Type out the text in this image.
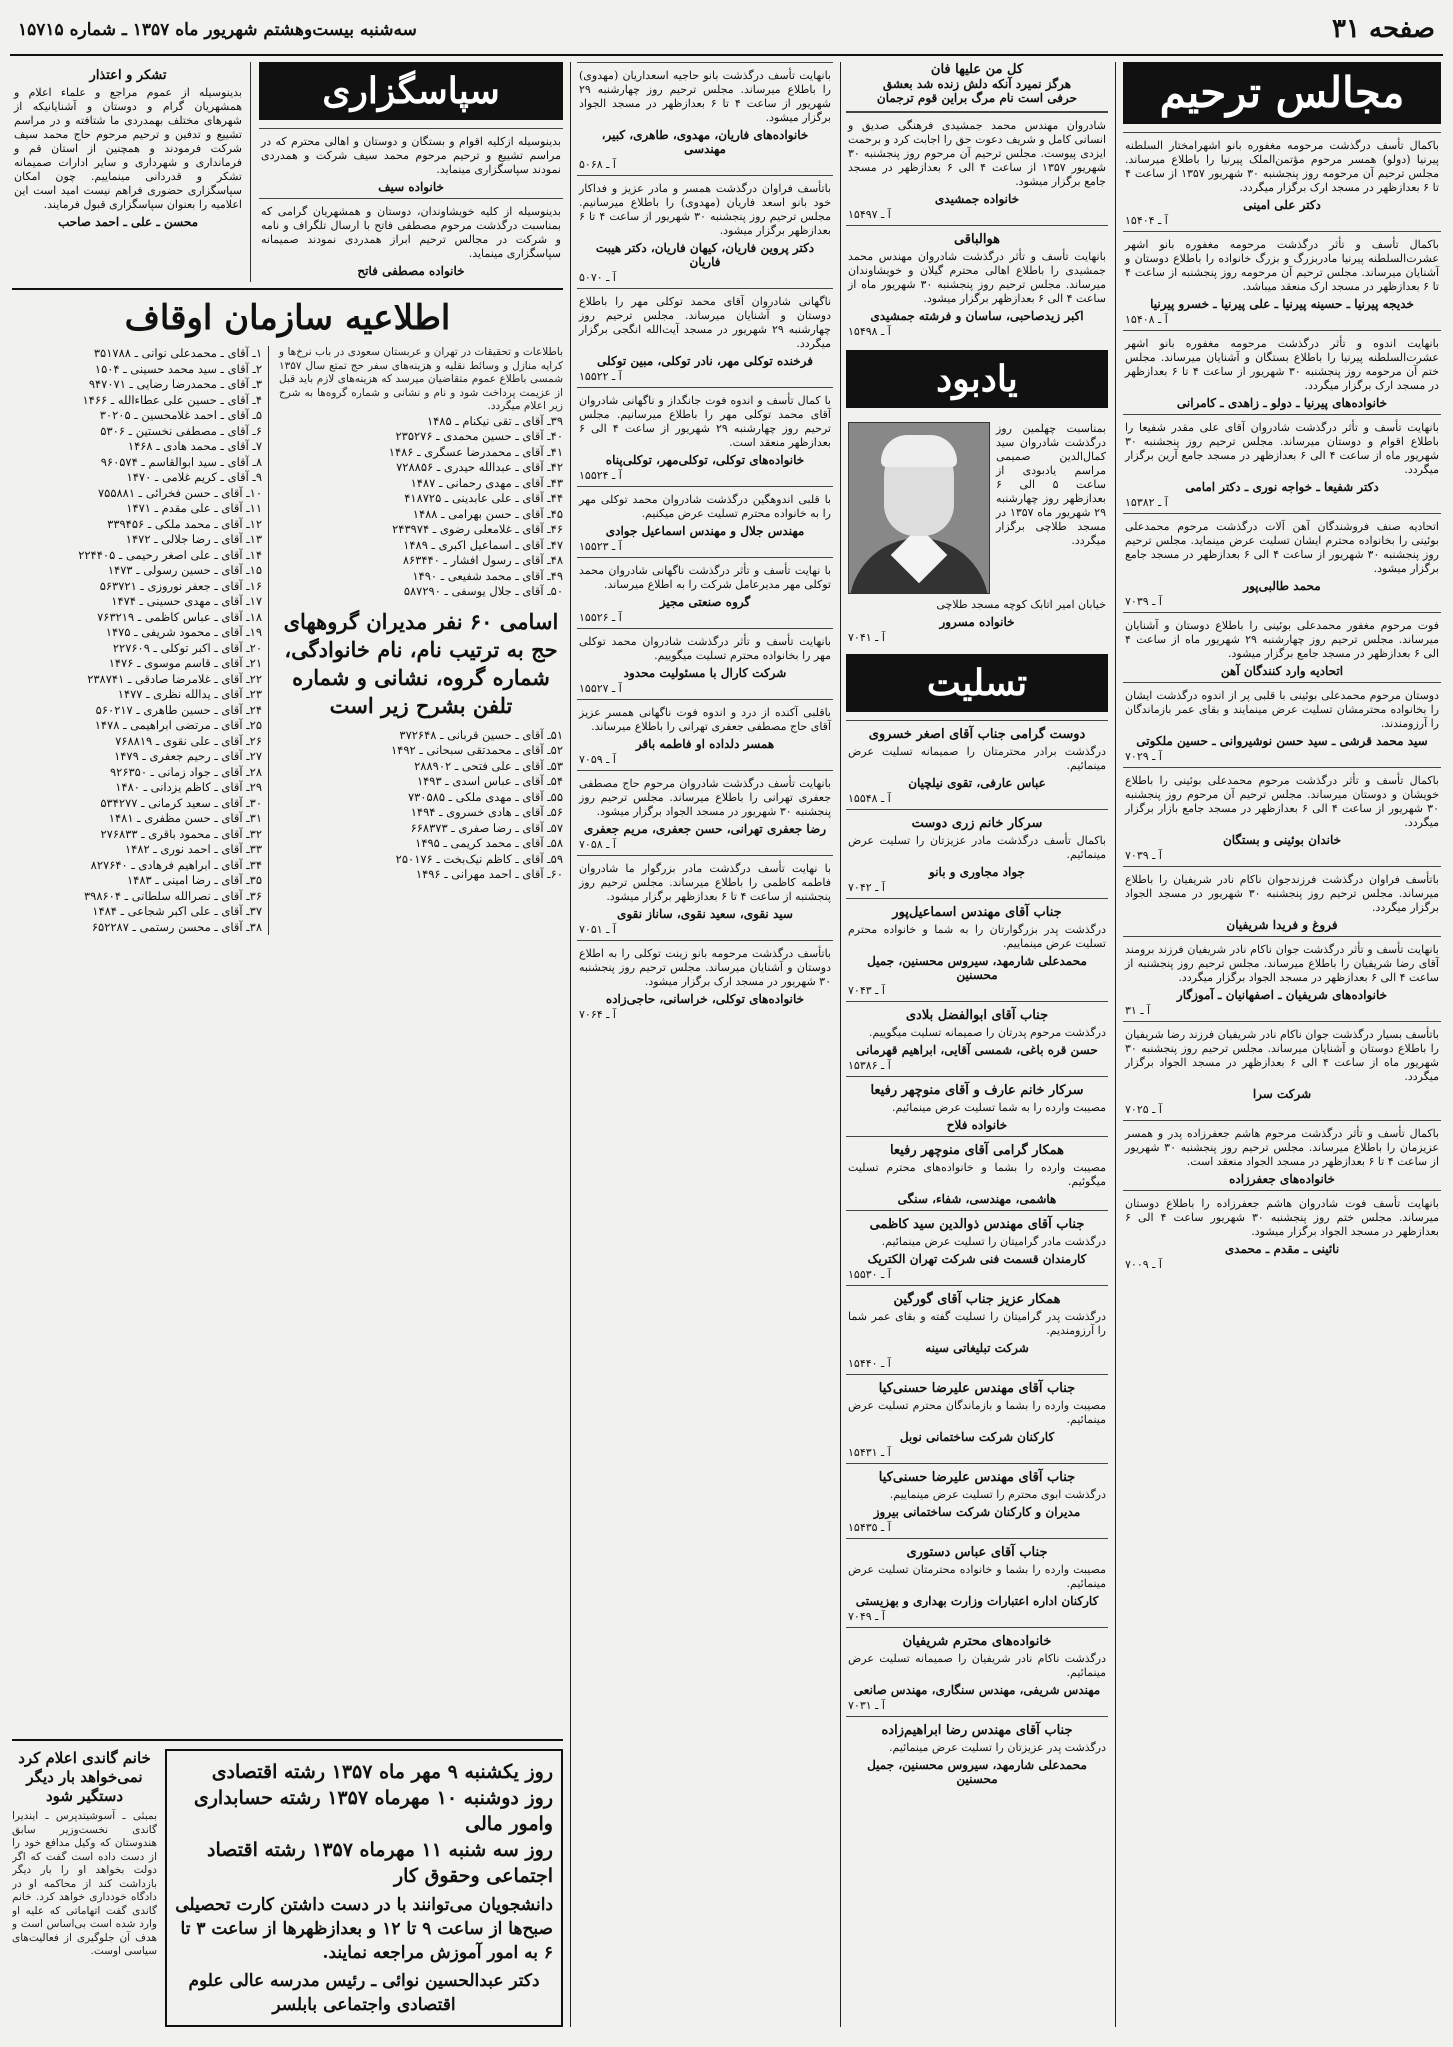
صفحه ۳۱
سه‌شنبه بیست‌وهشتم شهریور ماه ۱۳۵۷ ـ شماره ۱۵۷۱۵
مجالس ترحیم
باکمال تأسف درگذشت مرحومه مغفوره بانو اشهرامختار السلطنه پیرنیا (دولو) همسر مرحوم مؤتمن‌الملک پیرنیا را باطلاع میرساند. مجلس ترحیم آن مرحومه روز پنجشنبه ۳۰ شهریور ۱۳۵۷ از ساعت ۴ تا ۶ بعدازظهر در مسجد ارک برگزار میگردد.
دکتر علی امینی
آ ـ ۱۵۴۰۴
باکمال تأسف و تأثر درگذشت مرحومه مغفوره بانو اشهر عشرت‌السلطنه پیرنیا مادربزرگ و بزرگ خانواده را باطلاع دوستان و آشنایان میرساند. مجلس ترحیم آن مرحومه روز پنجشنبه از ساعت ۴ تا ۶ بعدازظهر در مسجد ارک منعقد میباشد.
خدیجه پیرنیا ـ حسینه پیرنیا ـ علی پیرنیا ـ خسرو پیرنیا
آ ـ ۱۵۴۰۸
بانهایت اندوه و تأثر درگذشت مرحومه مغفوره بانو اشهر عشرت‌السلطنه پیرنیا را باطلاع بستگان و آشنایان میرساند. مجلس ختم آن مرحومه روز پنجشنبه ۳۰ شهریور از ساعت ۴ تا ۶ بعدازظهر در مسجد ارک برگزار میگردد.
خانواده‌های پیرنیا ـ دولو ـ زاهدی ـ کامرانی
بانهایت تأسف و تأثر درگذشت شادروان آقای علی مقدر شفیعا را باطلاع اقوام و دوستان میرساند. مجلس ترحیم روز پنجشنبه ۳۰ شهریور ماه از ساعت ۴ الی ۶ بعدازظهر در مسجد جامع آرین برگزار میگردد.
دکتر شفیعا ـ خواجه نوری ـ دکتر امامی
آ ـ ۱۵۳۸۲
اتحادیه صنف فروشندگان آهن آلات درگذشت مرحوم محمدعلی بوئینی را بخانواده محترم ایشان تسلیت عرض مینماید. مجلس ترحیم روز پنجشنبه ۳۰ شهریور از ساعت ۴ الی ۶ بعدازظهر در مسجد جامع برگزار میشود.
محمد طالبی‌پور
آ ـ ۷۰۳۹
فوت مرحوم مغفور محمدعلی بوئینی را باطلاع دوستان و آشنایان میرساند. مجلس ترحیم روز چهارشنبه ۲۹ شهریور ماه از ساعت ۴ الی ۶ بعدازظهر در مسجد جامع برگزار میشود.
اتحادیه وارد کنندگان آهن
دوستان مرحوم محمدعلی بوئینی با قلبی پر از اندوه درگذشت ایشان را بخانواده محترمشان تسلیت عرض مینمایند و بقای عمر بازماندگان را آرزومندند.
سید محمد قرشی ـ سید حسن نوشیروانی ـ حسین ملکوتی
آ ـ ۷۰۲۹
باکمال تأسف و تأثر درگذشت مرحوم محمدعلی بوئینی را باطلاع خویشان و دوستان میرساند. مجلس ترحیم آن مرحوم روز پنجشنبه ۳۰ شهریور از ساعت ۴ الی ۶ بعدازظهر در مسجد جامع بازار برگزار میگردد.
خاندان بوئینی و بستگان
آ ـ ۷۰۳۹
باتأسف فراوان درگذشت فرزندجوان ناکام نادر شریفیان را باطلاع میرساند. مجلس ترحیم روز پنجشنبه ۳۰ شهریور در مسجد الجواد برگزار میگردد.
فروغ و فریدا شریفیان
بانهایت تأسف و تأثر درگذشت جوان ناکام نادر شریفیان فرزند برومند آقای رضا شریفیان را باطلاع میرساند. مجلس ترحیم روز پنجشنبه از ساعت ۴ الی ۶ بعدازظهر در مسجد الجواد برگزار میگردد.
خانواده‌های شریفیان ـ اصفهانیان ـ آموزگار
آ ـ ۳۱
باتأسف بسیار درگذشت جوان ناکام نادر شریفیان فرزند رضا شریفیان را باطلاع دوستان و آشنایان میرساند. مجلس ترحیم روز پنجشنبه ۳۰ شهریور ماه از ساعت ۴ الی ۶ بعدازظهر در مسجد الجواد برگزار میگردد.
شرکت سرا
آ ـ ۷۰۲۵
باکمال تأسف و تأثر درگذشت مرحوم هاشم جعفرزاده پدر و همسر عزیزمان را باطلاع میرساند. مجلس ترحیم روز پنجشنبه ۳۰ شهریور از ساعت ۴ تا ۶ بعدازظهر در مسجد الجواد منعقد است.
خانواده‌های جعفرزاده
بانهایت تأسف فوت شادروان هاشم جعفرزاده را باطلاع دوستان میرساند. مجلس ختم روز پنجشنبه ۳۰ شهریور ساعت ۴ الی ۶ بعدازظهر در مسجد الجواد برگزار میشود.
نائینی ـ مقدم ـ محمدی
آ ـ ۷۰۰۹
کل من علیها فان
هرگز نمیرد آنکه دلش زنده شد بعشق
حرفی است نام مرگ براین قوم ترجمان
شادروان مهندس محمد جمشیدی فرهنگی صدیق و انسانی کامل و شریف دعوت حق را اجابت کرد و برحمت ایزدی پیوست. مجلس ترحیم آن مرحوم روز پنجشنبه ۳۰ شهریور ۱۳۵۷ از ساعت ۴ الی ۶ بعدازظهر در مسجد جامع برگزار میشود.
خانواده جمشیدی
آ ـ ۱۵۴۹۷
هوالباقی
بانهایت تأسف و تأثر درگذشت شادروان مهندس محمد جمشیدی را باطلاع اهالی محترم گیلان و خویشاوندان میرساند. مجلس ترحیم روز پنجشنبه ۳۰ شهریور ماه از ساعت ۴ الی ۶ بعدازظهر برگزار میشود.
اکبر زیدصاحبی، ساسان و فرشته جمشیدی
آ ـ ۱۵۴۹۸
یادبود
بمناسبت چهلمین روز درگذشت شادروان سید کمال‌الدین صمیمی مراسم یادبودی از ساعت ۵ الی ۶ بعدازظهر روز چهارشنبه ۲۹ شهریور ماه ۱۳۵۷ در مسجد طلاچی برگزار میگردد.
خیابان امیر اتابک کوچه مسجد طلاچی
خانواده مسرور
آ ـ ۷۰۴۱
تسلیت
دوست گرامی جناب آقای اصغر خسروی
درگذشت برادر محترمتان را صمیمانه تسلیت عرض مینمائیم.
عباس عارفی، تقوی نیلچیان
آ ـ ۱۵۵۴۸
سرکار خانم زری دوست
باکمال تأسف درگذشت مادر عزیزتان را تسلیت عرض مینمائیم.
جواد مجاوری و بانو
آ ـ ۷۰۴۲
جناب آقای مهندس اسماعیل‌پور
درگذشت پدر بزرگوارتان را به شما و خانواده محترم تسلیت عرض مینماییم.
محمدعلی شارمهد، سیروس محسنین، جمیل محسنین
آ ـ ۷۰۴۳
جناب آقای ابوالفضل بلادی
درگذشت مرحوم پدرتان را صمیمانه تسلیت میگوییم.
حسن قره باغی، شمسی آقایی، ابراهیم قهرمانی
آ ـ ۱۵۳۸۶
سرکار خانم عارف و آقای منوچهر رفیعا
مصیبت وارده را به شما تسلیت عرض مینمائیم.
خانواده فلاح
همکار گرامی آقای منوچهر رفیعا
مصیبت وارده را بشما و خانواده‌های محترم تسلیت میگوئیم.
هاشمی، مهندسی، شفاء، سنگی
جناب آقای مهندس ذوالدین سید کاظمی
درگذشت مادر گرامیتان را تسلیت عرض مینمائیم.
کارمندان قسمت فنی شرکت تهران الکتریک
آ ـ ۱۵۵۳۰
همکار عزیز جناب آقای گورگین
درگذشت پدر گرامیتان را تسلیت گفته و بقای عمر شما را آرزومندیم.
شرکت تبلیغاتی سینه
آ ـ ۱۵۴۴۰
جناب آقای مهندس علیرضا حسنی‌کیا
مصیبت وارده را بشما و بازماندگان محترم تسلیت عرض مینمائیم.
کارکنان شرکت ساختمانی نوبل
آ ـ ۱۵۴۳۱
جناب آقای مهندس علیرضا حسنی‌کیا
درگذشت ابوی محترم را تسلیت عرض مینماییم.
مدیران و کارکنان شرکت ساختمانی بیروز
آ ـ ۱۵۴۳۵
جناب آقای عباس دستوری
مصیبت وارده را بشما و خانواده محترمتان تسلیت عرض مینمائیم.
کارکنان اداره اعتبارات وزارت بهداری و بهزیستی
آ ـ ۷۰۴۹
خانواده‌های محترم شریفیان
درگذشت ناکام نادر شریفیان را صمیمانه تسلیت عرض مینمائیم.
مهندس شریفی، مهندس سنگاری، مهندس صانعی
آ ـ ۷۰۳۱
جناب آقای مهندس رضا ابراهیم‌زاده
درگذشت پدر عزیزتان را تسلیت عرض مینمائیم.
محمدعلی شارمهد، سیروس محسنین، جمیل محسنین
بانهایت تأسف درگذشت بانو حاجیه اسعداریان (مهدوی) را باطلاع میرساند. مجلس ترحیم روز چهارشنبه ۲۹ شهریور از ساعت ۴ تا ۶ بعدازظهر در مسجد الجواد برگزار میشود.
خانواده‌های فاریان، مهدوی، طاهری، کبیر، مهندسی
آ ـ ۵۰۶۸
باتأسف فراوان درگذشت همسر و مادر عزیز و فداکار خود بانو اسعد فاریان (مهدوی) را باطلاع میرسانیم. مجلس ترحیم روز پنجشنبه ۳۰ شهریور از ساعت ۴ تا ۶ بعدازظهر برگزار میشود.
دکتر پروین فاریان، کیهان فاریان، دکتر هیبت فاریان
آ ـ ۵۰۷۰
ناگهانی شادروان آقای محمد توکلی مهر را باطلاع دوستان و آشنایان میرساند. مجلس ترحیم روز چهارشنبه ۲۹ شهریور در مسجد آیت‌الله انگجی برگزار میگردد.
فرخنده توکلی مهر، نادر توکلی، مبین توکلی
آ ـ ۱۵۵۲۲
با کمال تأسف و اندوه فوت جانگداز و ناگهانی شادروان آقای محمد توکلی مهر را باطلاع میرسانیم. مجلس ترحیم روز چهارشنبه ۲۹ شهریور از ساعت ۴ الی ۶ بعدازظهر منعقد است.
خانواده‌های توکلی، توکلی‌مهر، توکلی‌پناه
آ ـ ۱۵۵۲۴
با قلبی اندوهگین درگذشت شادروان محمد توکلی مهر را به خانواده محترم تسلیت عرض میکنیم.
مهندس جلال و مهندس اسماعیل جوادی
آ ـ ۱۵۵۲۳
با نهایت تأسف و تأثر درگذشت ناگهانی شادروان محمد توکلی مهر مدیرعامل شرکت را به اطلاع میرساند.
گروه صنعتی مجیز
آ ـ ۱۵۵۲۶
بانهایت تأسف و تأثر درگذشت شادروان محمد توکلی مهر را بخانواده محترم تسلیت میگوییم.
شرکت کارال با مسئولیت محدود
آ ـ ۱۵۵۲۷
باقلبی آکنده از درد و اندوه فوت ناگهانی همسر عزیز آقای حاج مصطفی جعفری تهرانی را باطلاع میرساند.
همسر دلداده او فاطمه باقر
آ ـ ۷۰۵۹
بانهایت تأسف درگذشت شادروان مرحوم حاج مصطفی جعفری تهرانی را باطلاع میرساند. مجلس ترحیم روز پنجشنبه ۳۰ شهریور در مسجد الجواد برگزار میشود.
رضا جعفری تهرانی، حسن جعفری، مریم جعفری
آ ـ ۷۰۵۸
با نهایت تأسف درگذشت مادر بزرگوار ما شادروان فاطمه کاظمی را باطلاع میرساند. مجلس ترحیم روز پنجشنبه از ساعت ۴ تا ۶ بعدازظهر برگزار میشود.
سید نقوی، سعید نقوی، ساناز نقوی
آ ـ ۷۰۵۱
باتأسف درگذشت مرحومه بانو زینت توکلی را به اطلاع دوستان و آشنایان میرساند. مجلس ترحیم روز پنجشنبه ۳۰ شهریور در مسجد ارک برگزار میشود.
خانواده‌های توکلی، خراسانی، حاجی‌زاده
آ ـ ۷۰۶۴
سپاسگزاری
بدینوسیله ازکلیه اقوام و بستگان و دوستان و اهالی محترم که در مراسم تشییع و ترحیم مرحوم محمد سیف شرکت و همدردی نمودند سپاسگزاری مینماید.
خانواده سیف
بدینوسیله از کلیه خویشاوندان، دوستان و همشهریان گرامی که بمناسبت درگذشت مرحوم مصطفی فاتح با ارسال تلگراف و نامه و شرکت در مجالس ترحیم ابراز همدردی نمودند صمیمانه سپاسگزاری مینماید.
خانواده مصطفی فاتح
تشکر و اعتذار
بدینوسیله از عموم مراجع و علماء اعلام و همشهریان گرام و دوستان و آشنایانیکه از شهرهای مختلف بهمدردی ما شتافته و در مراسم تشییع و تدفین و ترحیم مرحوم حاج محمد سیف شرکت فرمودند و همچنین از استان قم و فرمانداری و شهرداری و سایر ادارات صمیمانه تشکر و قدردانی مینماییم. چون امکان سپاسگزاری حضوری فراهم نیست امید است این اعلامیه را بعنوان سپاسگزاری قبول فرمایند.
محسن ـ علی ـ احمد صاحب
اطلاعیه سازمان اوقاف
باطلاعات و تحقیقات در تهران و عربستان سعودی در باب نرخ‌ها و کرایه منازل و وسائط نقلیه و هزینه‌های سفر حج تمتع سال ۱۳۵۷ شمسی باطلاع عموم متقاضیان میرسد که هزینه‌های لازم باید قبل از عزیمت پرداخت شود و نام و نشانی و شماره گروه‌ها به شرح زیر اعلام میگردد.
۳۹ـ آقای ـ تقی نیکنام ـ ۱۴۸۵
۴۰ـ آقای ـ حسین محمدی ـ ۲۳۵۲۷۶
۴۱ـ آقای ـ محمدرضا عسگری ـ ۱۴۸۶
۴۲ـ آقای ـ عبدالله حیدری ـ ۷۲۸۸۵۶
۴۳ـ آقای ـ مهدی رحمانی ـ ۱۴۸۷
۴۴ـ آقای ـ علی عابدینی ـ ۴۱۸۷۲۵
۴۵ـ آقای ـ حسن بهرامی ـ ۱۴۸۸
۴۶ـ آقای ـ غلامعلی رضوی ـ ۲۴۳۹۷۴
۴۷ـ آقای ـ اسماعیل اکبری ـ ۱۴۸۹
۴۸ـ آقای ـ رسول افشار ـ ۸۶۳۴۴۰
۴۹ـ آقای ـ محمد شفیعی ـ ۱۴۹۰
۵۰ـ آقای ـ جلال یوسفی ـ ۵۸۷۲۹۰
اسامی ۶۰ نفر مدیران گروههای حج به ترتیب نام، نام خانوادگی، شماره گروه، نشانی و شماره تلفن بشرح زیر است
۵۱ـ آقای ـ حسین قربانی ـ ۳۷۲۶۴۸
۵۲ـ آقای ـ محمدتقی سبحانی ـ ۱۴۹۲
۵۳ـ آقای ـ علی فتحی ـ ۲۸۸۹۰۲
۵۴ـ آقای ـ عباس اسدی ـ ۱۴۹۳
۵۵ـ آقای ـ مهدی ملکی ـ ۷۳۰۵۸۵
۵۶ـ آقای ـ هادی خسروی ـ ۱۴۹۴
۵۷ـ آقای ـ رضا صفری ـ ۶۶۸۳۷۳
۵۸ـ آقای ـ محمد کریمی ـ ۱۴۹۵
۵۹ـ آقای ـ کاظم نیک‌بخت ـ ۲۵۰۱۷۶
۶۰ـ آقای ـ احمد مهرانی ـ ۱۴۹۶
۱ـ آقای ـ محمدعلی نوانی ـ ۳۵۱۷۸۸
۲ـ آقای ـ سید محمد حسینی ـ ۱۵۰۴
۳ـ آقای ـ محمدرضا رضایی ـ ۹۴۷۰۷۱
۴ـ آقای ـ حسین علی عطاءالله ـ ۱۴۶۶
۵ـ آقای ـ احمد غلامحسین ـ ۳۰۲۰۵
۶ـ آقای ـ مصطفی نخستین ـ ۵۳۰۶
۷ـ آقای ـ محمد هادی ـ ۱۴۶۸
۸ـ آقای ـ سید ابوالقاسم ـ ۹۶۰۵۷۴
۹ـ آقای ـ کریم غلامی ـ ۱۴۷۰
۱۰ـ آقای ـ حسن فخرائی ـ ۷۵۵۸۸۱
۱۱ـ آقای ـ علی مقدم ـ ۱۴۷۱
۱۲ـ آقای ـ محمد ملکی ـ ۳۳۹۴۵۶
۱۳ـ آقای ـ رضا جلالی ـ ۱۴۷۲
۱۴ـ آقای ـ علی اصغر رحیمی ـ ۲۲۴۴۰۵
۱۵ـ آقای ـ حسین رسولی ـ ۱۴۷۳
۱۶ـ آقای ـ جعفر نوروزی ـ ۵۶۳۷۲۱
۱۷ـ آقای ـ مهدی حسینی ـ ۱۴۷۴
۱۸ـ آقای ـ عباس کاظمی ـ ۷۶۳۲۱۹
۱۹ـ آقای ـ محمود شریفی ـ ۱۴۷۵
۲۰ـ آقای ـ اکبر توکلی ـ ۲۲۷۶۰۹
۲۱ـ آقای ـ قاسم موسوی ـ ۱۴۷۶
۲۲ـ آقای ـ غلامرضا صادقی ـ ۲۳۸۷۴۱
۲۳ـ آقای ـ یدالله نظری ـ ۱۴۷۷
۲۴ـ آقای ـ حسین طاهری ـ ۵۶۰۲۱۷
۲۵ـ آقای ـ مرتضی ابراهیمی ـ ۱۴۷۸
۲۶ـ آقای ـ علی نقوی ـ ۷۶۸۸۱۹
۲۷ـ آقای ـ رحیم جعفری ـ ۱۴۷۹
۲۸ـ آقای ـ جواد زمانی ـ ۹۲۶۳۵۰
۲۹ـ آقای ـ کاظم یزدانی ـ ۱۴۸۰
۳۰ـ آقای ـ سعید کرمانی ـ ۵۳۴۲۷۷
۳۱ـ آقای ـ حسن مظفری ـ ۱۴۸۱
۳۲ـ آقای ـ محمود باقری ـ ۲۷۶۸۳۳
۳۳ـ آقای ـ احمد نوری ـ ۱۴۸۲
۳۴ـ آقای ـ ابراهیم فرهادی ـ ۸۲۷۶۴۰
۳۵ـ آقای ـ رضا امینی ـ ۱۴۸۳
۳۶ـ آقای ـ نصرالله سلطانی ـ ۳۹۸۶۰۴
۳۷ـ آقای ـ علی اکبر شجاعی ـ ۱۴۸۴
۳۸ـ آقای ـ محسن رستمی ـ ۶۵۲۲۸۷
روز یکشنبه ۹ مهر ماه ۱۳۵۷ رشته اقتصادی
روز دوشنبه ۱۰ مهرماه ۱۳۵۷ رشته حسابداری
وامور مالی
روز سه شنبه ۱۱ مهرماه ۱۳۵۷ رشته اقتصاد
اجتماعی وحقوق کار
دانشجویان می‌توانند با در دست داشتن کارت تحصیلی صبح‌ها از ساعت ۹ تا ۱۲ و بعدازظهرها از ساعت ۳ تا ۶ به امور آموزش مراجعه نمایند.
دکتر عبدالحسین نوائی ـ رئیس مدرسه عالی علوم اقتصادی واجتماعی بابلسر
خانم گاندی اعلام کرد نمی‌خواهد بار دیگر دستگیر شود
بمبئی ـ آسوشیتدپرس ـ ایندیرا گاندی نخست‌وزیر سابق هندوستان که وکیل مدافع خود را از دست داده است گفت که اگر دولت بخواهد او را بار دیگر بازداشت کند از محاکمه او در دادگاه خودداری خواهد کرد. خانم گاندی گفت اتهاماتی که علیه او وارد شده است بی‌اساس است و هدف آن جلوگیری از فعالیت‌های سیاسی اوست.
